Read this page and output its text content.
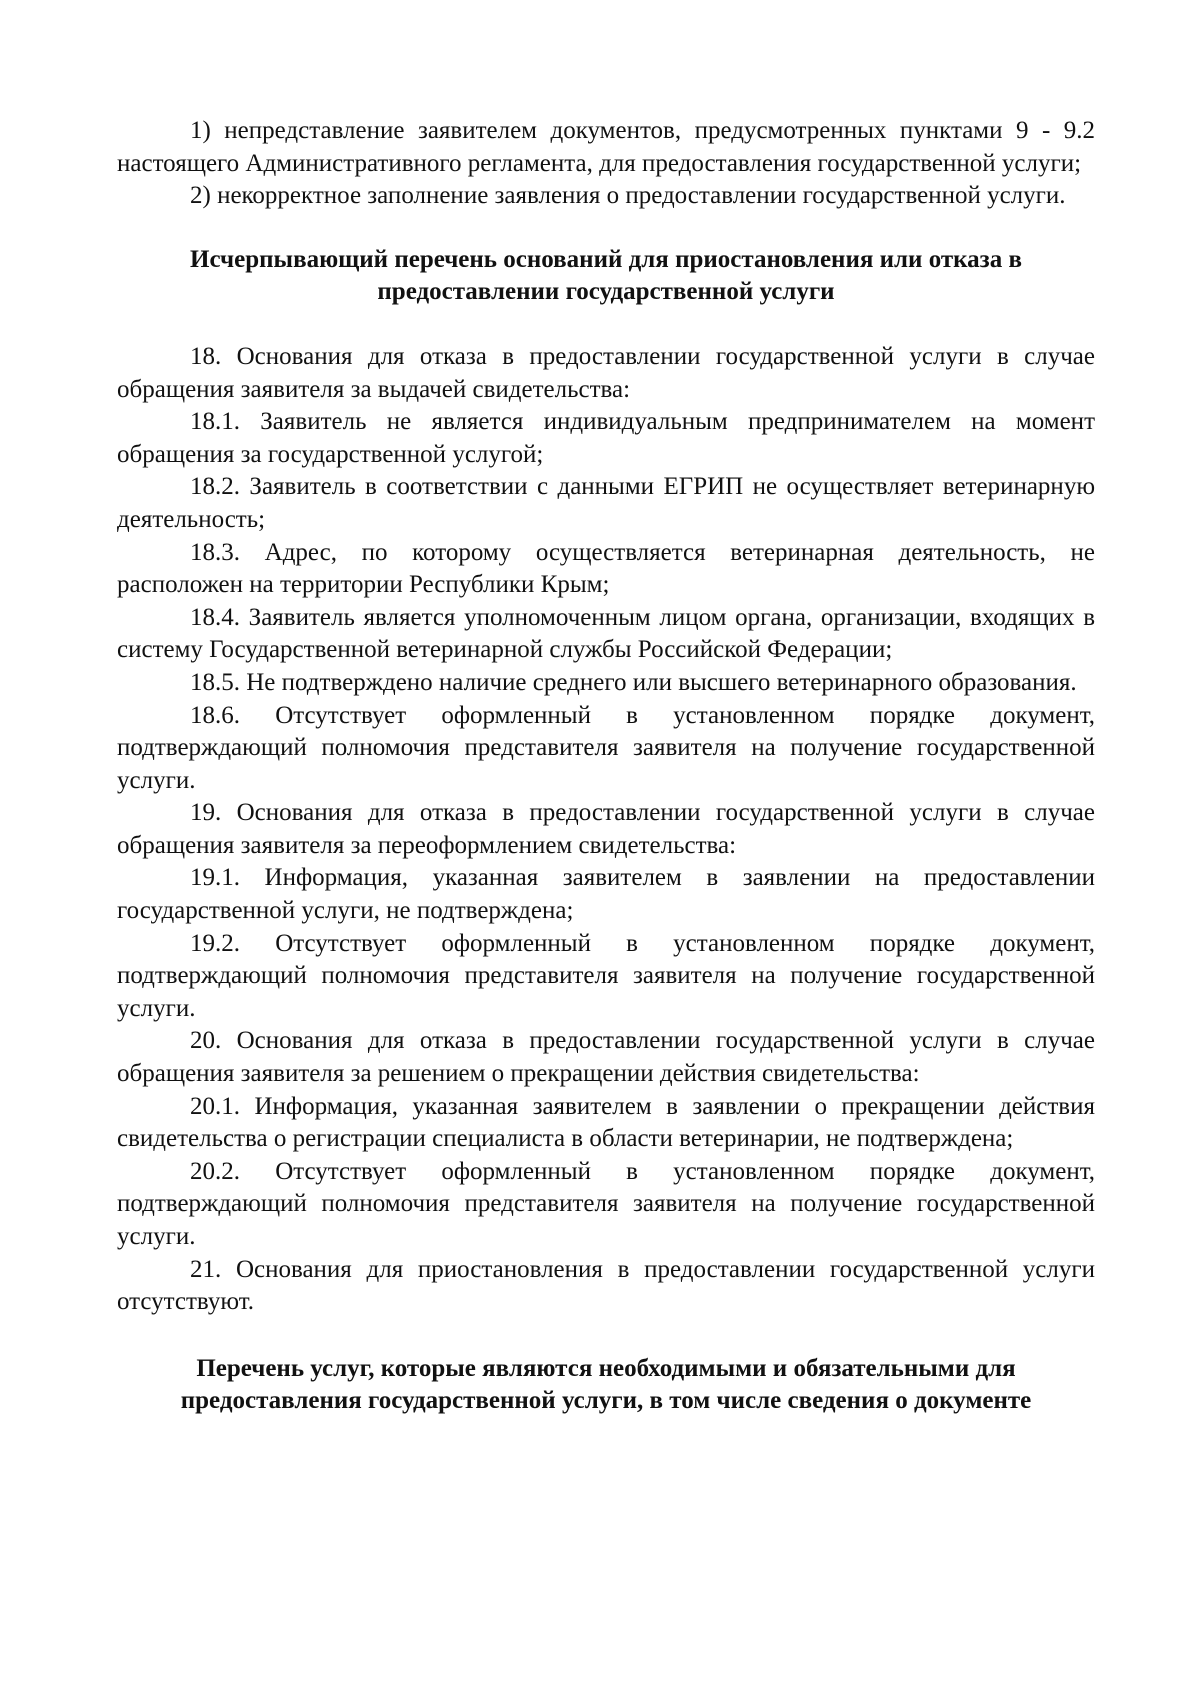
1) непредставление заявителем документов, предусмотренных пунктами 9 - 9.2 настоящего Административного регламента, для предоставления государственной услуги;

2) некорректное заполнение заявления о предоставлении государственной услуги.

Исчерпывающий перечень оснований для приостановления или отказа в предоставлении государственной услуги

18. Основания для отказа в предоставлении государственной услуги в случае обращения заявителя за выдачей свидетельства:

18.1. Заявитель не является индивидуальным предпринимателем на момент обращения за государственной услугой;

18.2. Заявитель в соответствии с данными ЕГРИП не осуществляет ветеринарную деятельность;

18.3. Адрес, по которому осуществляется ветеринарная деятельность, не расположен на территории Республики Крым;

18.4. Заявитель является уполномоченным лицом органа, организации, входящих в систему Государственной ветеринарной службы Российской Федерации;

18.5. Не подтверждено наличие среднего или высшего ветеринарного образования.

18.6. Отсутствует оформленный в установленном порядке документ, подтверждающий полномочия представителя заявителя на получение государственной услуги.

19. Основания для отказа в предоставлении государственной услуги в случае обращения заявителя за переоформлением свидетельства:

19.1. Информация, указанная заявителем в заявлении на предоставлении государственной услуги, не подтверждена;

19.2. Отсутствует оформленный в установленном порядке документ, подтверждающий полномочия представителя заявителя на получение государственной услуги.

20. Основания для отказа в предоставлении государственной услуги в случае обращения заявителя за решением о прекращении действия свидетельства:

20.1. Информация, указанная заявителем в заявлении о прекращении действия свидетельства о регистрации специалиста в области ветеринарии, не подтверждена;

20.2. Отсутствует оформленный в установленном порядке документ, подтверждающий полномочия представителя заявителя на получение государственной услуги.

21. Основания для приостановления в предоставлении государственной услуги отсутствуют.

Перечень услуг, которые являются необходимыми и обязательными для предоставления государственной услуги, в том числе сведения о документе
